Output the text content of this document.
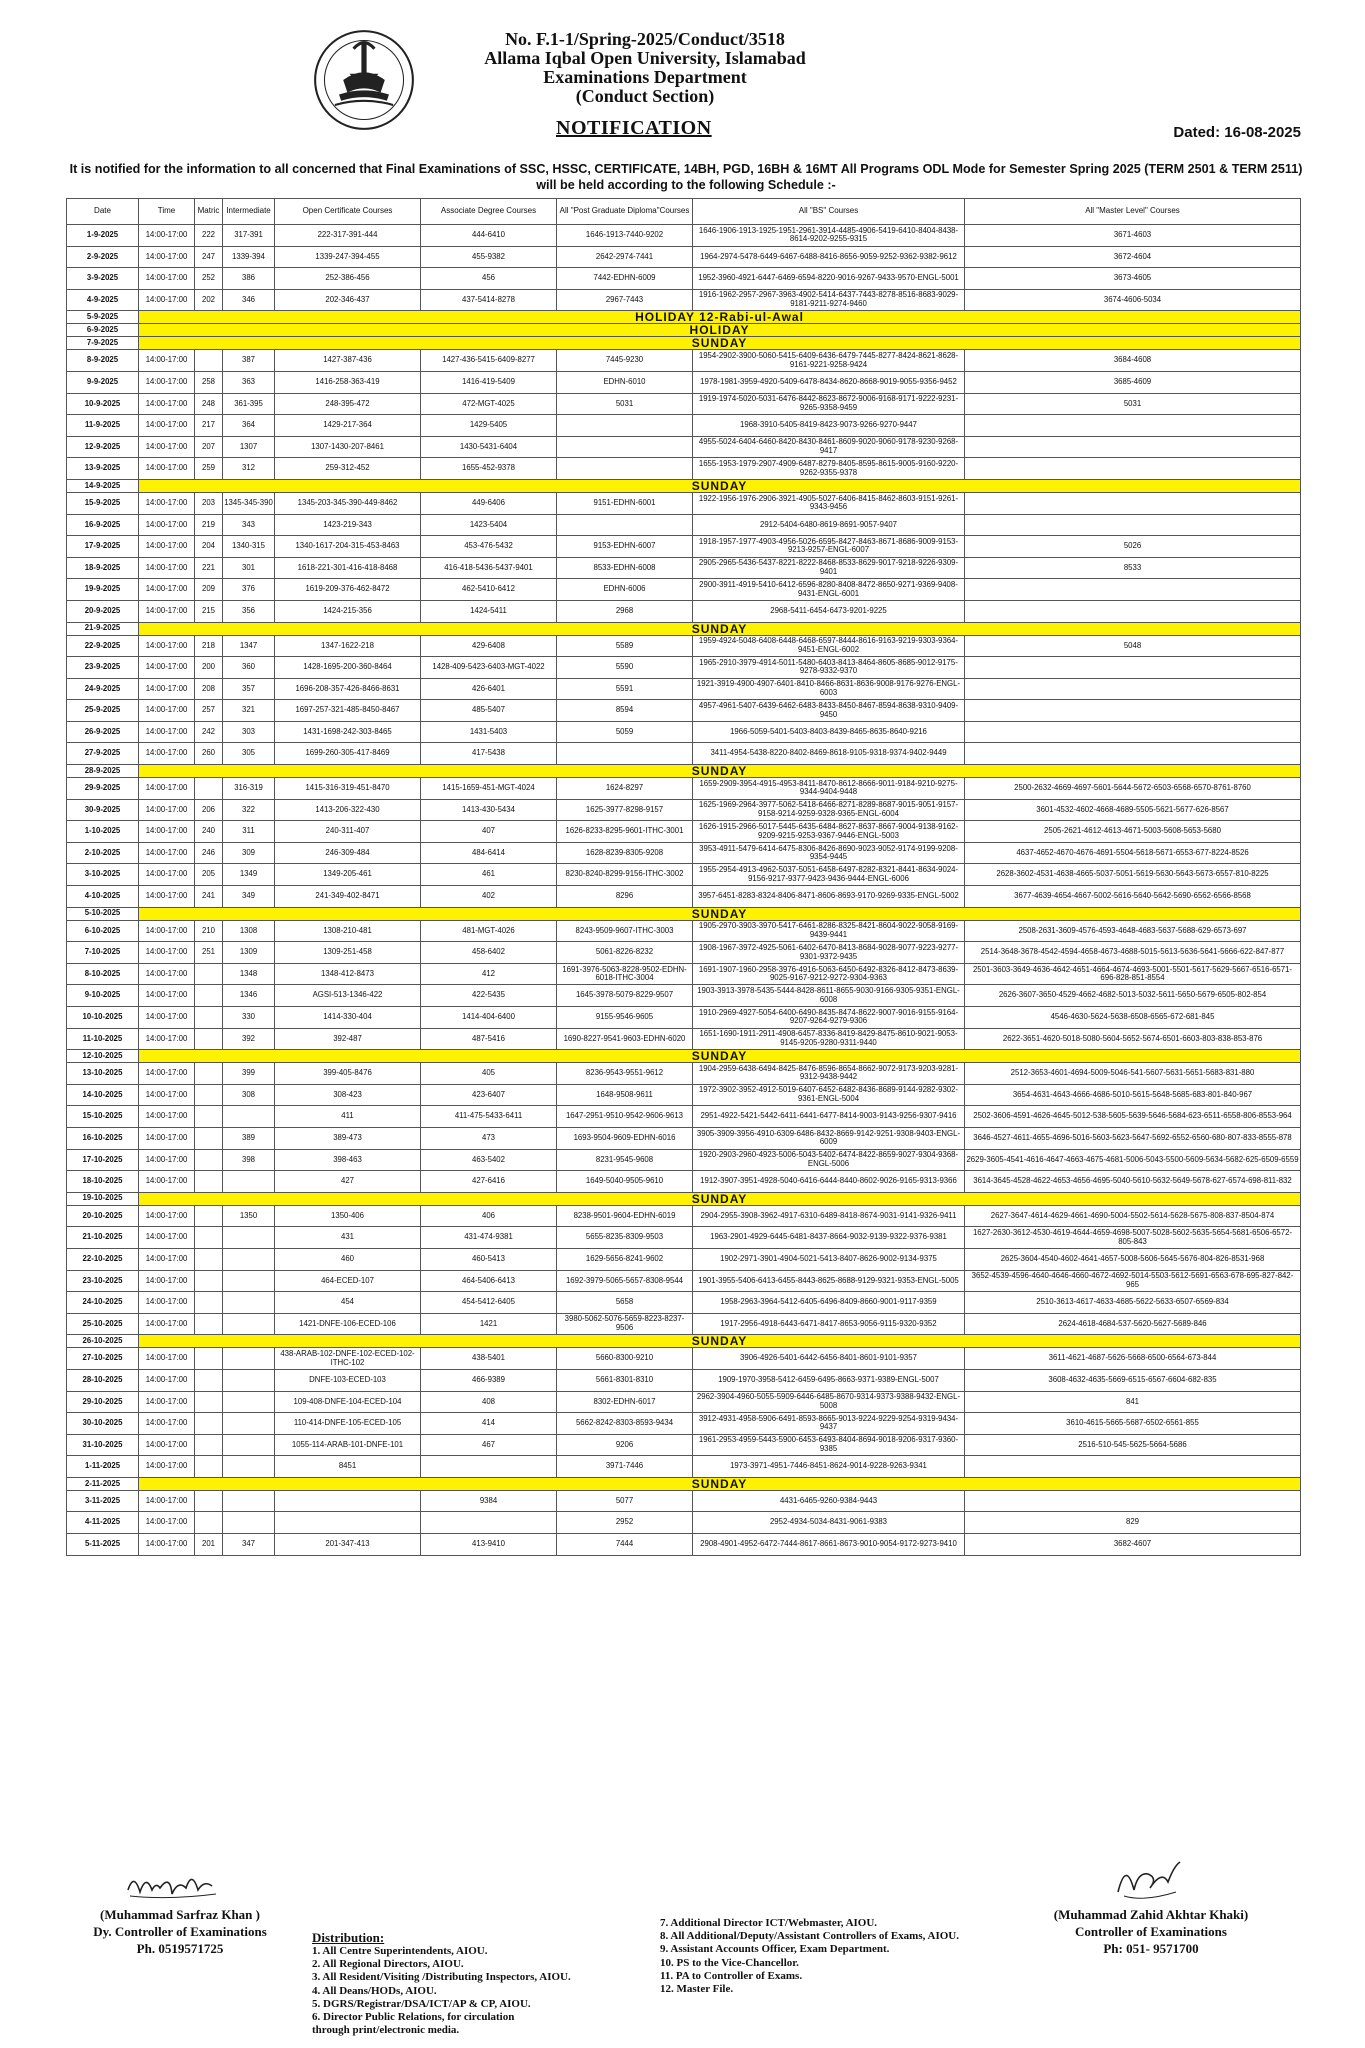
No. F.1-1/Spring-2025/Conduct/3518
Allama Iqbal Open University, Islamabad
Examinations Department
(Conduct Section)
NOTIFICATION	Dated: 16-08-2025
It is notified for the information to all concerned that Final Examinations of SSC, HSSC, CERTIFICATE, 14BH, PGD, 16BH & 16MT All Programs ODL Mode for Semester Spring 2025 (TERM 2501 & TERM 2511) will be held according to the following Schedule :-
Date	Time	Matric	Intermediate	Open Certificate Courses	Associate Degree Courses	All "Post Graduate Diploma"Courses	All "BS" Courses	All "Master Level" Courses
1-9-2025	14:00-17:00	222	317-391	222-317-391-444	444-6410	1646-1913-7440-9202	1646-1906-1913-1925-1951-2961-3914-4485-4906-5419-6410-8404-8438-8614-9202-9255-9315	3671-4603
2-9-2025	14:00-17:00	247	1339-394	1339-247-394-455	455-9382	2642-2974-7441	1964-2974-5478-6449-6467-6488-8416-8656-9059-9252-9362-9382-9612	3672-4604
3-9-2025	14:00-17:00	252	386	252-386-456	456	7442-EDHN-6009	1952-3960-4921-6447-6469-6594-8220-9016-9267-9433-9570-ENGL-5001	3673-4605
4-9-2025	14:00-17:00	202	346	202-346-437	437-5414-8278	2967-7443	1916-1962-2957-2967-3963-4902-5414-6437-7443-8278-8516-8683-9029-9181-9211-9274-9460	3674-4606-5034
5-9-2025	HOLIDAY 12-Rabi-ul-Awal							
6-9-2025	HOLIDAY							
7-9-2025	SUNDAY							
8-9-2025	14:00-17:00		387	1427-387-436	1427-436-5415-6409-8277	7445-9230	1954-2902-3900-5060-5415-6409-6436-6479-7445-8277-8424-8621-8628-9161-9221-9258-9424	3684-4608
9-9-2025	14:00-17:00	258	363	1416-258-363-419	1416-419-5409	EDHN-6010	1978-1981-3959-4920-5409-6478-8434-8620-8668-9019-9055-9356-9452	3685-4609
10-9-2025	14:00-17:00	248	361-395	248-395-472	472-MGT-4025	5031	1919-1974-5020-5031-6476-8442-8623-8672-9006-9168-9171-9222-9231-9265-9358-9459	5031
11-9-2025	14:00-17:00	217	364	1429-217-364	1429-5405		1968-3910-5405-8419-8423-9073-9266-9270-9447	
12-9-2025	14:00-17:00	207	1307	1307-1430-207-8461	1430-5431-6404		4955-5024-6404-6460-8420-8430-8461-8609-9020-9060-9178-9230-9268-9417	
13-9-2025	14:00-17:00	259	312	259-312-452	1655-452-9378		1655-1953-1979-2907-4909-6487-8279-8405-8595-8615-9005-9160-9220-9262-9355-9378	
14-9-2025	SUNDAY							
15-9-2025	14:00-17:00	203	1345-345-390	1345-203-345-390-449-8462	449-6406	9151-EDHN-6001	1922-1956-1976-2906-3921-4905-5027-6406-8415-8462-8603-9151-9261-9343-9456	
16-9-2025	14:00-17:00	219	343	1423-219-343	1423-5404		2912-5404-6480-8619-8691-9057-9407	
17-9-2025	14:00-17:00	204	1340-315	1340-1617-204-315-453-8463	453-476-5432	9153-EDHN-6007	1918-1957-1977-4903-4956-5026-6595-8427-8463-8671-8686-9009-9153-9213-9257-ENGL-6007	5026
18-9-2025	14:00-17:00	221	301	1618-221-301-416-418-8468	416-418-5436-5437-9401	8533-EDHN-6008	2905-2965-5436-5437-8221-8222-8468-8533-8629-9017-9218-9226-9309-9401	8533
19-9-2025	14:00-17:00	209	376	1619-209-376-462-8472	462-5410-6412	EDHN-6006	2900-3911-4919-5410-6412-6596-8280-8408-8472-8650-9271-9369-9408-9431-ENGL-6001	
20-9-2025	14:00-17:00	215	356	1424-215-356	1424-5411	2968	2968-5411-6454-6473-9201-9225	
21-9-2025	SUNDAY							
22-9-2025	14:00-17:00	218	1347	1347-1622-218	429-6408	5589	1959-4924-5048-6408-6448-6468-6597-8444-8616-9163-9219-9303-9364-9451-ENGL-6002	5048
23-9-2025	14:00-17:00	200	360	1428-1695-200-360-8464	1428-409-5423-6403-MGT-4022	5590	1965-2910-3979-4914-5011-5480-6403-8413-8464-8605-8685-9012-9175-9278-9332-9370	
24-9-2025	14:00-17:00	208	357	1696-208-357-426-8466-8631	426-6401	5591	1921-3919-4900-4907-6401-8410-8466-8631-8636-9008-9176-9276-ENGL-6003	
25-9-2025	14:00-17:00	257	321	1697-257-321-485-8450-8467	485-5407	8594	4957-4961-5407-6439-6462-6483-8433-8450-8467-8594-8638-9310-9409-9450	
26-9-2025	14:00-17:00	242	303	1431-1698-242-303-8465	1431-5403	5059	1966-5059-5401-5403-8403-8439-8465-8635-8640-9216	
27-9-2025	14:00-17:00	260	305	1699-260-305-417-8469	417-5438		3411-4954-5438-8220-8402-8469-8618-9105-9318-9374-9402-9449	
28-9-2025	SUNDAY							
29-9-2025	14:00-17:00		316-319	1415-316-319-451-8470	1415-1659-451-MGT-4024	1624-8297	1659-2909-3954-4915-4953-8411-8470-8612-8666-9011-9184-9210-9275-9344-9404-9448	2500-2632-4669-4697-5601-5644-5672-6503-6568-6570-8761-8760
30-9-2025	14:00-17:00	206	322	1413-206-322-430	1413-430-5434	1625-3977-8298-9157	1625-1969-2964-3977-5062-5418-6466-8271-8289-8687-9015-9051-9157-9158-9214-9259-9328-9365-ENGL-6004	3601-4532-4602-4668-4689-5505-5621-5677-626-8567
1-10-2025	14:00-17:00	240	311	240-311-407	407	1626-8233-8295-9601-ITHC-3001	1626-1915-2966-5017-5445-6435-6484-8627-8637-8667-9004-9138-9162-9209-9215-9253-9367-9446-ENGL-5003	2505-2621-4612-4613-4671-5003-5608-5653-5680
2-10-2025	14:00-17:00	246	309	246-309-484	484-6414	1628-8239-8305-9208	3953-4911-5479-6414-6475-8306-8426-8690-9023-9052-9174-9199-9208-9354-9445	4637-4652-4670-4676-4691-5504-5618-5671-6553-677-8224-8526
3-10-2025	14:00-17:00	205	1349	1349-205-461	461	8230-8240-8299-9156-ITHC-3002	1955-2954-4913-4962-5037-5051-6458-6497-8282-8321-8441-8634-9024-9156-9217-9377-9423-9436-9444-ENGL-6006	2628-3602-4531-4638-4665-5037-5051-5619-5630-5643-5673-6557-810-8225
4-10-2025	14:00-17:00	241	349	241-349-402-8471	402	8296	3957-6451-8283-8324-8406-8471-8606-8693-9170-9269-9335-ENGL-5002	3677-4639-4654-4667-5002-5616-5640-5642-5690-6562-6566-8568
5-10-2025	SUNDAY							
6-10-2025	14:00-17:00	210	1308	1308-210-481	481-MGT-4026	8243-9509-9607-ITHC-3003	1905-2970-3903-3970-5417-6461-8286-8325-8421-8604-9022-9058-9169-9439-9441	2508-2631-3609-4576-4593-4648-4683-5637-5688-629-6573-697
7-10-2025	14:00-17:00	251	1309	1309-251-458	458-6402	5061-8226-8232	1908-1967-3972-4925-5061-6402-6470-8413-8684-9028-9077-9223-9277-9301-9372-9435	2514-3648-3678-4542-4594-4658-4673-4688-5015-5613-5636-5641-5666-622-847-877
8-10-2025	14:00-17:00		1348	1348-412-8473	412	1691-3976-5063-8228-9502-EDHN-6018-ITHC-3004	1691-1907-1960-2958-3976-4916-5063-6450-6492-8326-8412-8473-8639-9025-9167-9212-9272-9304-9363	2501-3603-3649-4636-4642-4651-4664-4674-4693-5001-5501-5617-5629-5667-6516-6571-696-828-851-8554
9-10-2025	14:00-17:00		1346	AGSI-513-1346-422	422-5435	1645-3978-5079-8229-9507	1903-3913-3978-5435-5444-8428-8611-8655-9030-9166-9305-9351-ENGL-6008	2626-3607-3650-4529-4662-4682-5013-5032-5611-5650-5679-6505-802-854
10-10-2025	14:00-17:00		330	1414-330-404	1414-404-6400	9155-9546-9605	1910-2969-4927-5054-6400-6490-8435-8474-8622-9007-9016-9155-9164-9207-9264-9279-9306	4546-4630-5624-5638-6508-6565-672-681-845
11-10-2025	14:00-17:00		392	392-487	487-5416	1690-8227-9541-9603-EDHN-6020	1651-1690-1911-2911-4908-6457-8336-8419-8429-8475-8610-9021-9053-9145-9205-9280-9311-9440	2622-3651-4620-5018-5080-5604-5652-5674-6501-6603-803-838-853-876
12-10-2025	SUNDAY							
13-10-2025	14:00-17:00		399	399-405-8476	405	8236-9543-9551-9612	1904-2959-6438-6494-8425-8476-8596-8654-8662-9072-9173-9203-9281-9312-9438-9442	2512-3653-4601-4694-5009-5046-541-5607-5631-5651-5683-831-880
14-10-2025	14:00-17:00		308	308-423	423-6407	1648-9508-9611	1972-3902-3952-4912-5019-6407-6452-6482-8436-8689-9144-9282-9302-9361-ENGL-5004	3654-4631-4643-4666-4686-5010-5615-5648-5685-683-801-840-967
15-10-2025	14:00-17:00			411	411-475-5433-6411	1647-2951-9510-9542-9606-9613	2951-4922-5421-5442-6411-6441-6477-8414-9003-9143-9256-9307-9416	2502-3606-4591-4626-4645-5012-538-5605-5639-5646-5684-623-6511-6558-806-8553-964
16-10-2025	14:00-17:00		389	389-473	473	1693-9504-9609-EDHN-6016	3905-3909-3956-4910-6309-6486-8432-8669-9142-9251-9308-9403-ENGL-6009	3646-4527-4611-4655-4696-5016-5603-5623-5647-5692-6552-6560-680-807-833-8555-878
17-10-2025	14:00-17:00		398	398-463	463-5402	8231-9545-9608	1920-2903-2960-4923-5006-5043-5402-6474-8422-8659-9027-9304-9368-ENGL-5006	2629-3605-4541-4616-4647-4663-4675-4681-5006-5043-5500-5609-5634-5682-625-6509-6559
18-10-2025	14:00-17:00			427	427-6416	1649-5040-9505-9610	1912-3907-3951-4928-5040-6416-6444-8440-8602-9026-9165-9313-9366	3614-3645-4528-4622-4653-4656-4695-5040-5610-5632-5649-5678-627-6574-698-811-832
19-10-2025	SUNDAY							
20-10-2025	14:00-17:00		1350	1350-406	406	8238-9501-9604-EDHN-6019	2904-2955-3908-3962-4917-6310-6489-8418-8674-9031-9141-9326-9411	2627-3647-4614-4629-4661-4690-5004-5502-5614-5628-5675-808-837-8504-874
21-10-2025	14:00-17:00			431	431-474-9381	5655-8235-8309-9503	1963-2901-4929-6445-6481-8437-8664-9032-9139-9322-9376-9381	1627-2630-3612-4530-4619-4644-4659-4698-5007-5028-5602-5635-5654-5681-6506-6572-805-843
22-10-2025	14:00-17:00			460	460-5413	1629-5656-8241-9602	1902-2971-3901-4904-5021-5413-8407-8626-9002-9134-9375	2625-3604-4540-4602-4641-4657-5008-5606-5645-5676-804-826-8531-968
23-10-2025	14:00-17:00			464-ECED-107	464-5406-6413	1692-3979-5065-5657-8308-9544	1901-3955-5406-6413-6455-8443-8625-8688-9129-9321-9353-ENGL-5005	3652-4539-4596-4640-4646-4660-4672-4692-5014-5503-5612-5691-6563-678-695-827-842-965
24-10-2025	14:00-17:00			454	454-5412-6405	5658	1958-2963-3964-5412-6405-6496-8409-8660-9001-9117-9359	2510-3613-4617-4633-4685-5622-5633-6507-6569-834
25-10-2025	14:00-17:00			1421-DNFE-106-ECED-106	1421	3980-5062-5076-5659-8223-8237-9506	1917-2956-4918-6443-6471-8417-8653-9056-9115-9320-9352	2624-4618-4684-537-5620-5627-5689-846
26-10-2025	SUNDAY							
27-10-2025	14:00-17:00			438-ARAB-102-DNFE-102-ECED-102-ITHC-102	438-5401	5660-8300-9210	3906-4926-5401-6442-6456-8401-8601-9101-9357	3611-4621-4687-5626-5668-6500-6564-673-844
28-10-2025	14:00-17:00			DNFE-103-ECED-103	466-9389	5661-8301-8310	1909-1970-3958-5412-6459-6495-8663-9371-9389-ENGL-5007	3608-4632-4635-5669-6515-6567-6604-682-835
29-10-2025	14:00-17:00			109-408-DNFE-104-ECED-104	408	8302-EDHN-6017	2962-3904-4960-5055-5909-6446-6485-8670-9314-9373-9388-9432-ENGL-5008	841
30-10-2025	14:00-17:00			110-414-DNFE-105-ECED-105	414	5662-8242-8303-8593-9434	3912-4931-4958-5906-6491-8593-8665-9013-9224-9229-9254-9319-9434-9437	3610-4615-5665-5687-6502-6561-855
31-10-2025	14:00-17:00			1055-114-ARAB-101-DNFE-101	467	9206	1961-2953-4959-5443-5900-6453-6493-8404-8694-9018-9206-9317-9360-9385	2516-510-545-5625-5664-5686
1-11-2025	14:00-17:00			8451		3971-7446	1973-3971-4951-7446-8451-8624-9014-9228-9263-9341	
2-11-2025	SUNDAY							
3-11-2025	14:00-17:00				9384	5077	4431-6465-9260-9384-9443	
4-11-2025	14:00-17:00					2952	2952-4934-5034-8431-9061-9383	829
5-11-2025	14:00-17:00	201	347	201-347-413	413-9410	7444	2908-4901-4952-6472-7444-8617-8661-8673-9010-9054-9172-9273-9410	3682-4607
(Muhammad Sarfraz Khan )
Dy. Controller of Examinations
Ph. 0519571725
Distribution:
1. All Centre Superintendents, AIOU.
2. All Regional Directors, AIOU.
3. All Resident/Visiting /Distributing Inspectors, AIOU.
4. All Deans/HODs, AIOU.
5. DGRS/Registrar/DSA/ICT/AP & CP, AIOU.
6. Director Public Relations, for circulation
through print/electronic media.
7. Additional Director ICT/Webmaster, AIOU.
8. All Additional/Deputy/Assistant Controllers of Exams, AIOU.
9. Assistant Accounts Officer, Exam Department.
10. PS to the Vice-Chancellor.
11. PA to Controller of Exams.
12. Master File.
(Muhammad Zahid Akhtar Khaki)
Controller of Examinations
Ph: 051- 9571700
